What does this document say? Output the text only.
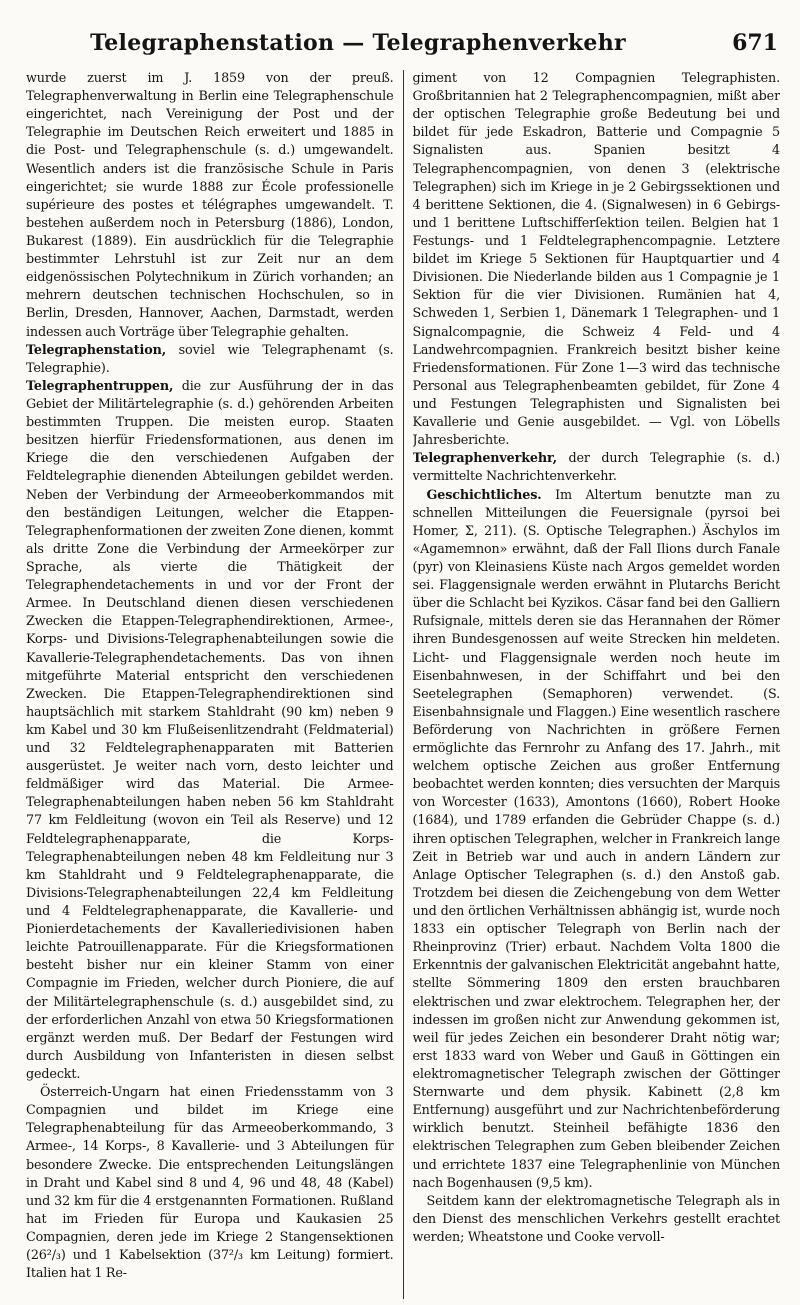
Telegraphenstation — Telegraphenverkehr	671

wurde zuerst im J. 1859 von der preuß. Telegraphenverwaltung in Berlin eine Telegraphenschule eingerichtet, nach Vereinigung der Post und der Telegraphie im Deutschen Reich erweitert und 1885 in die Post- und Telegraphenschule (s. d.) umgewandelt. Wesentlich anders ist die französische Schule in Paris eingerichtet; sie wurde 1888 zur École professionelle supérieure des postes et télégraphes umgewandelt. T. bestehen außerdem noch in Petersburg (1886), London, Bukarest (1889). Ein ausdrücklich für die Telegraphie bestimmter Lehrstuhl ist zur Zeit nur an dem eidgenössischen Polytechnikum in Zürich vorhanden; an mehrern deutschen technischen Hochschulen, so in Berlin, Dresden, Hannover, Aachen, Darmstadt, werden indessen auch Vorträge über Telegraphie gehalten.

Telegraphenstation, soviel wie Telegraphenamt (s. Telegraphie).

Telegraphentruppen, die zur Ausführung der in das Gebiet der Militärtelegraphie (s. d.) gehörenden Arbeiten bestimmten Truppen. Die meisten europ. Staaten besitzen hierfür Friedensformationen, aus denen im Kriege die den verschiedenen Aufgaben der Feldtelegraphie dienenden Abteilungen gebildet werden. Neben der Verbindung der Armeeoberkommandos mit den beständigen Leitungen, welcher die Etappen-Telegraphenformationen der zweiten Zone dienen, kommt als dritte Zone die Verbindung der Armeekörper zur Sprache, als vierte die Thätigkeit der Telegraphendetachements in und vor der Front der Armee. In Deutschland dienen diesen verschiedenen Zwecken die Etappen-Telegraphendirektionen, Armee-, Korps- und Divisions-Telegraphenabteilungen sowie die Kavallerie-Telegraphendetachements. Das von ihnen mitgeführte Material entspricht den verschiedenen Zwecken. Die Etappen-Telegraphendirektionen sind hauptsächlich mit starkem Stahldraht (90 km) neben 9 km Kabel und 30 km Flußeisenlitzendraht (Feldmaterial) und 32 Feldtelegraphenapparaten mit Batterien ausgerüstet. Je weiter nach vorn, desto leichter und feldmäßiger wird das Material. Die Armee-Telegraphenabteilungen haben neben 56 km Stahldraht 77 km Feldleitung (wovon ein Teil als Reserve) und 12 Feldtelegraphenapparate, die Korps-Telegraphenabteilungen neben 48 km Feldleitung nur 3 km Stahldraht und 9 Feldtelegraphenapparate, die Divisions-Telegraphenabteilungen 22,4 km Feldleitung und 4 Feldtelegraphenapparate, die Kavallerie- und Pionierdetachements der Kavalleriedivisionen haben leichte Patrouillenapparate. Für die Kriegsformationen besteht bisher nur ein kleiner Stamm von einer Compagnie im Frieden, welcher durch Pioniere, die auf der Militärtelegraphenschule (s. d.) ausgebildet sind, zu der erforderlichen Anzahl von etwa 50 Kriegsformationen ergänzt werden muß. Der Bedarf der Festungen wird durch Ausbildung von Infanteristen in diesen selbst gedeckt.

Österreich-Ungarn hat einen Friedensstamm von 3 Compagnien und bildet im Kriege eine Telegraphenabteilung für das Armeeoberkommando, 3 Armee-, 14 Korps-, 8 Kavallerie- und 3 Abteilungen für besondere Zwecke. Die entsprechenden Leitungslängen in Draht und Kabel sind 8 und 4, 96 und 48, 48 (Kabel) und 32 km für die 4 erstgenannten Formationen. Rußland hat im Frieden für Europa und Kaukasien 25 Compagnien, deren jede im Kriege 2 Stangensektionen (26²/₃) und 1 Kabelsektion (37²/₃ km Leitung) formiert. Italien hat 1 Re-

giment von 12 Compagnien Telegraphisten. Großbritannien hat 2 Telegraphencompagnien, mißt aber der optischen Telegraphie große Bedeutung bei und bildet für jede Eskadron, Batterie und Compagnie 5 Signalisten aus. Spanien besitzt 4 Telegraphencompagnien, von denen 3 (elektrische Telegraphen) sich im Kriege in je 2 Gebirgssektionen und 4 berittene Sektionen, die 4. (Signalwesen) in 6 Gebirgs- und 1 berittene Luftschifferſektion teilen. Belgien hat 1 Festungs- und 1 Feldtelegraphencompagnie. Letztere bildet im Kriege 5 Sektionen für Hauptquartier und 4 Divisionen. Die Niederlande bilden aus 1 Compagnie je 1 Sektion für die vier Divisionen. Rumänien hat 4, Schweden 1, Serbien 1, Dänemark 1 Telegraphen- und 1 Signalcompagnie, die Schweiz 4 Feld- und 4 Landwehrcompagnien. Frankreich besitzt bisher keine Friedensformationen. Für Zone 1—3 wird das technische Personal aus Telegraphenbeamten gebildet, für Zone 4 und Festungen Telegraphisten und Signalisten bei Kavallerie und Genie ausgebildet. — Vgl. von Löbells Jahresberichte.

Telegraphenverkehr, der durch Telegraphie (s. d.) vermittelte Nachrichtenverkehr.

Geschichtliches. Im Altertum benutzte man zu schnellen Mitteilungen die Feuersignale (pyrsoi bei Homer, Σ, 211). (S. Optische Telegraphen.) Äschylos im «Agamemnon» erwähnt, daß der Fall Ilions durch Fanale (pyr) von Kleinasiens Küste nach Argos gemeldet worden sei. Flaggensignale werden erwähnt in Plutarchs Bericht über die Schlacht bei Kyzikos. Cäsar fand bei den Galliern Rufsignale, mittels deren sie das Herannahen der Römer ihren Bundesgenossen auf weite Strecken hin meldeten. Licht- und Flaggensignale werden noch heute im Eisenbahnwesen, in der Schiffahrt und bei den Seetelegraphen (Semaphoren) verwendet. (S. Eisenbahnsignale und Flaggen.) Eine wesentlich raschere Beförderung von Nachrichten in größere Fernen ermöglichte das Fernrohr zu Anfang des 17. Jahrh., mit welchem optische Zeichen aus großer Entfernung beobachtet werden konnten; dies versuchten der Marquis von Worcester (1633), Amontons (1660), Robert Hooke (1684), und 1789 erfanden die Gebrüder Chappe (s. d.) ihren optischen Telegraphen, welcher in Frankreich lange Zeit in Betrieb war und auch in andern Ländern zur Anlage Optischer Telegraphen (s. d.) den Anstoß gab. Trotzdem bei diesen die Zeichengebung von dem Wetter und den örtlichen Verhältnissen abhängig ist, wurde noch 1833 ein optischer Telegraph von Berlin nach der Rheinprovinz (Trier) erbaut. Nachdem Volta 1800 die Erkenntnis der galvanischen Elektricität angebahnt hatte, stellte Sömmering 1809 den ersten brauchbaren elektrischen und zwar elektrochem. Telegraphen her, der indessen im großen nicht zur Anwendung gekommen ist, weil für jedes Zeichen ein besonderer Draht nötig war; erst 1833 ward von Weber und Gauß in Göttingen ein elektromagnetischer Telegraph zwischen der Göttinger Sternwarte und dem physik. Kabinett (2,8 km Entfernung) ausgeführt und zur Nachrichtenbeförderung wirklich benutzt. Steinheil befähigte 1836 den elektrischen Telegraphen zum Geben bleibender Zeichen und errichtete 1837 eine Telegraphenlinie von München nach Bogenhausen (9,5 km).

Seitdem kann der elektromagnetische Telegraph als in den Dienst des menschlichen Verkehrs gestellt erachtet werden; Wheatstone und Cooke vervoll-
